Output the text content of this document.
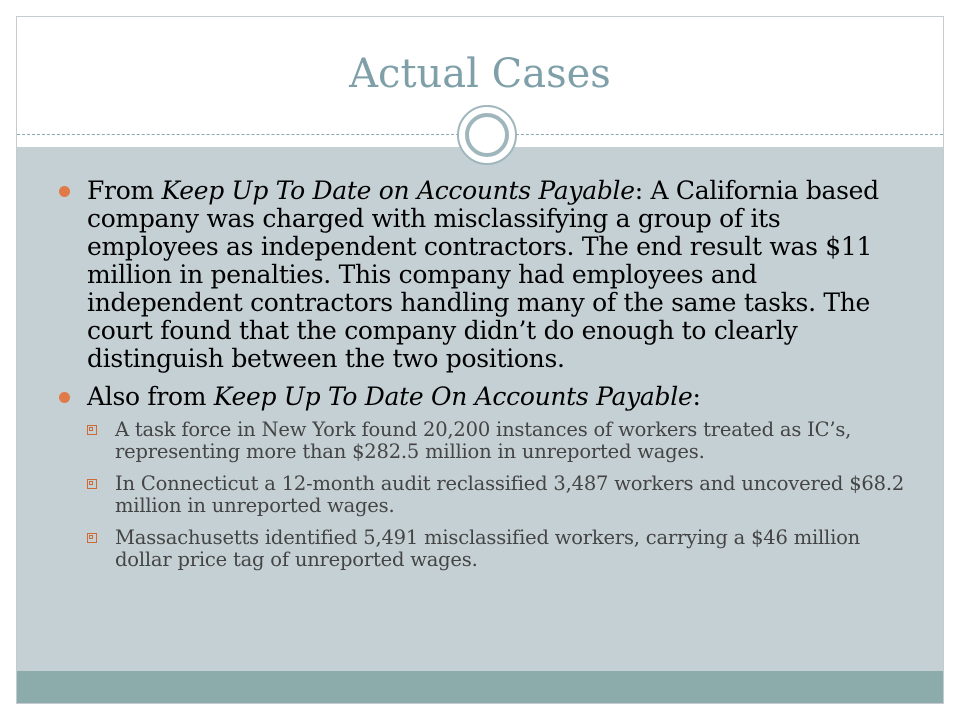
Actual Cases
From Keep Up To Date on Accounts Payable: A California based company was charged with misclassifying a group of its employees as independent contractors. The end result was $11 million in penalties. This company had employees and independent contractors handling many of the same tasks. The court found that the company didn’t do enough to clearly distinguish between the two positions.
Also from Keep Up To Date On Accounts Payable:
A task force in New York found 20,200 instances of workers treated as IC’s, representing more than $282.5 million in unreported wages.
In Connecticut a 12-month audit reclassified 3,487 workers and uncovered $68.2 million in unreported wages.
Massachusetts identified 5,491 misclassified workers, carrying a $46 million dollar price tag of unreported wages.
